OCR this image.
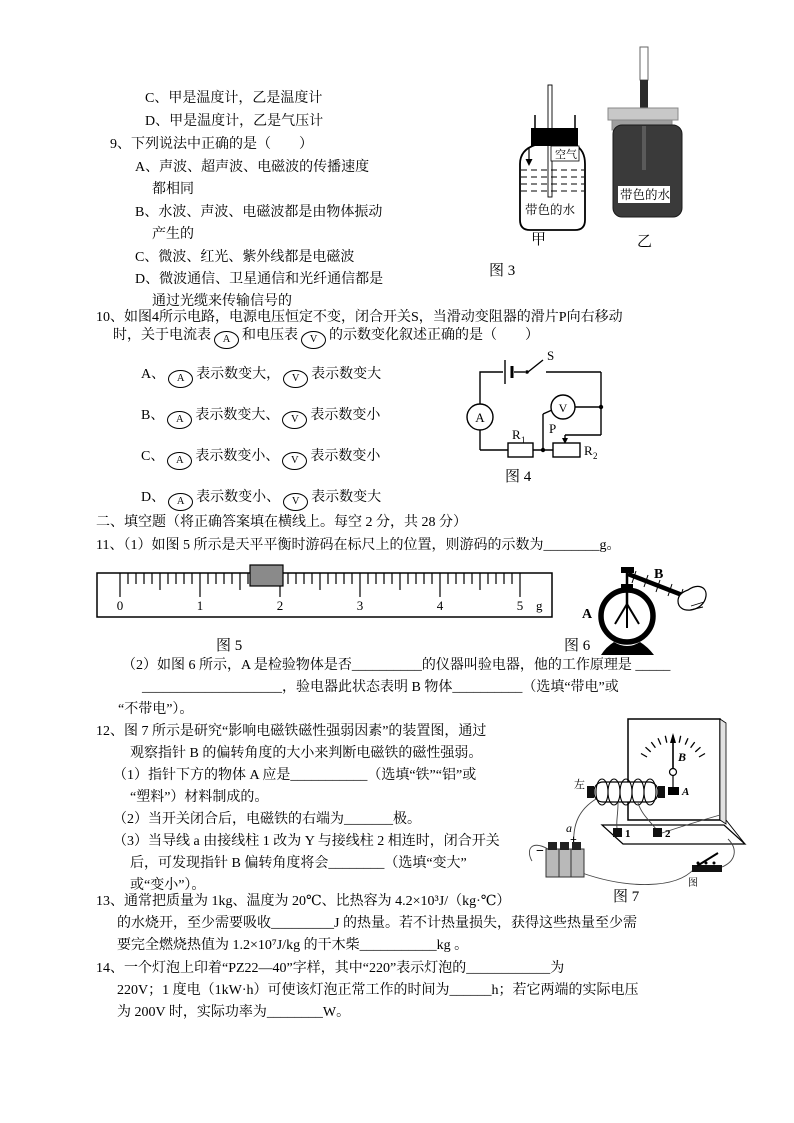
C、甲是温度计，乙是温度计
D、甲是温度计，乙是气压计
9、下列说法中正确的是（　　）
A、声波、超声波、电磁波的传播速度
都相同
B、水波、声波、电磁波都是由物体振动
产生的
C、微波、红光、紫外线都是电磁波
D、微波通信、卫星通信和光纤通信都是
通过光缆来传输信号的
10、如图4所示电路，电源电压恒定不变，闭合开关S，当滑动变阻器的滑片P向右移动
时，关于电流表 A 和电压表 V 的示数变化叙述正确的是（　　）
A、 A 表示数变大， V 表示数变大
B、 A 表示数变大、 V 表示数变小
C、 A 表示数变小、 V 表示数变小
D、 A 表示数变小、 V 表示数变大
二、填空题（将正确答案填在横线上。每空 2 分，共 28 分）
11、（1）如图 5 所示是天平平衡时游码在标尺上的位置，则游码的示数为________g。
（2）如图 6 所示，A 是检验物体是否__________的仪器叫验电器，他的工作原理是 _____
____________________，验电器此状态表明 B 物体__________（选填“带电”或
“不带电”）。
12、图 7 所示是研究“影响电磁铁磁性强弱因素”的装置图，通过
观察指针 B 的偏转角度的大小来判断电磁铁的磁性强弱。
（1）指针下方的物体 A 应是___________（选填“铁”“铝”或
“塑料”）材料制成的。
（2）当开关闭合后，电磁铁的右端为_______极。
（3）当导线 a 由接线柱 1 改为 Y 与接线柱 2 相连时，闭合开关
后，可发现指针 B 偏转角度将会________（选填“变大”
或“变小”）。
13、通常把质量为 1kg、温度为 20℃、比热容为 4.2×10³J/（kg·℃）
的水烧开，至少需要吸收_________J 的热量。若不计热量损失，获得这些热量至少需
要完全燃烧热值为 1.2×10⁷J/kg 的干木柴___________kg 。
14、一个灯泡上印着“PZ22—40”字样，其中“220”表示灯泡的____________为
220V；1 度电（1kW·h）可使该灯泡正常工作的时间为______h；若它两端的实际电压
为 200V 时，实际功率为________W。
空气
带色的水
甲
带色的水
乙
图 3
A
V
R 1
R 2
P
S
图 4
0	1	2	3	4	5 g
图 5
A
B
图 6
B
A
左
1	2
+
−
a
图
图 7
